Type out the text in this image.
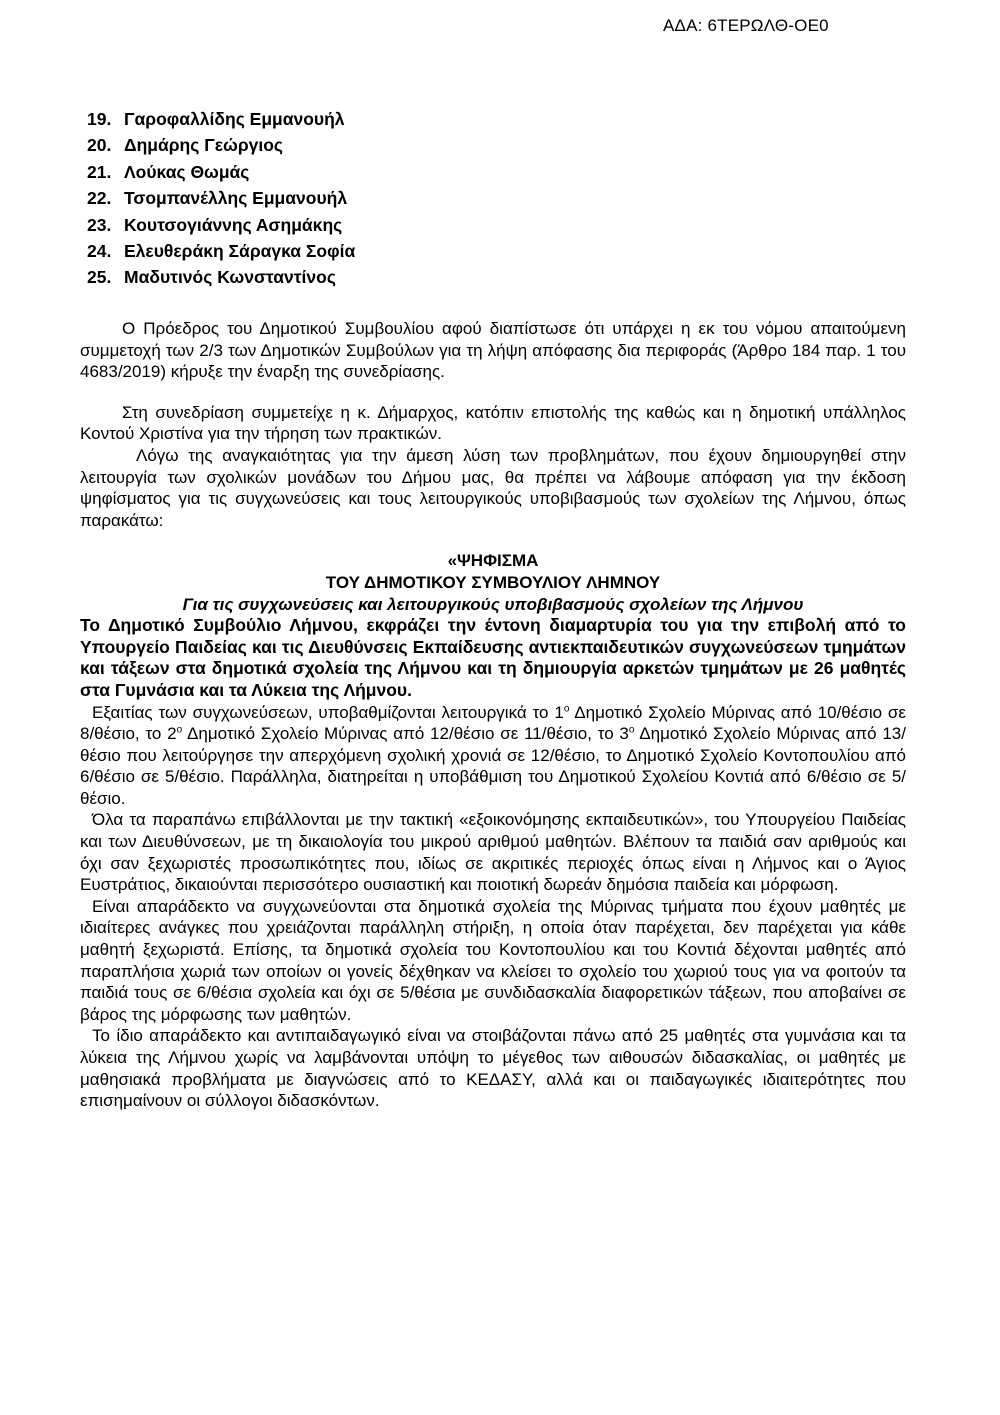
ΑΔΑ: 6ΤΕΡΩΛΘ-ΟΕ0
19. Γαροφαλλίδης Εμμανουήλ
20. Δημάρης Γεώργιος
21. Λούκας Θωμάς
22. Τσομπανέλλης Εμμανουήλ
23. Κουτσογιάννης Ασημάκης
24. Ελευθεράκη Σάραγκα Σοφία
25. Μαδυτινός Κωνσταντίνος

Ο Πρόεδρος του Δημοτικού Συμβουλίου αφού διαπίστωσε ότι υπάρχει η εκ του νόμου απαιτούμενη συμμετοχή των 2/3 των Δημοτικών Συμβούλων για τη λήψη απόφασης δια περιφοράς (Άρθρο 184 παρ. 1 του 4683/2019) κήρυξε την έναρξη της συνεδρίασης.

Στη συνεδρίαση συμμετείχε η κ. Δήμαρχος, κατόπιν επιστολής της καθώς και η δημοτική υπάλληλος Κοντού Χριστίνα για την τήρηση των πρακτικών.

Λόγω της αναγκαιότητας για την άμεση λύση των προβλημάτων, που έχουν δημιουργηθεί στην λειτουργία των σχολικών μονάδων του Δήμου μας, θα πρέπει να λάβουμε απόφαση για την έκδοση ψηφίσματος για τις συγχωνεύσεις και τους λειτουργικούς υποβιβασμούς των σχολείων της Λήμνου, όπως παρακάτω:

«ΨΗΦΙΣΜΑ

ΤΟΥ ΔΗΜΟΤΙΚΟΥ ΣΥΜΒΟΥΛΙΟΥ ΛΗΜΝΟΥ

Για τις συγχωνεύσεις και λειτουργικούς υποβιβασμούς σχολείων της Λήμνου

Το Δημοτικό Συμβούλιο Λήμνου, εκφράζει την έντονη διαμαρτυρία του για την επιβολή από το Υπουργείο Παιδείας και τις Διευθύνσεις Εκπαίδευσης αντιεκπαιδευτικών συγχωνεύσεων τμημάτων και τάξεων στα δημοτικά σχολεία της Λήμνου και τη δημιουργία αρκετών τμημάτων με 26 μαθητές στα Γυμνάσια και τα Λύκεια της Λήμνου.

Εξαιτίας των συγχωνεύσεων, υποβαθμίζονται λειτουργικά το $1^o$ Δημοτικό Σχολείο Μύρινας από 10/θέσιο σε 8/θέσιο, το $2^o$ Δημοτικό Σχολείο Μύρινας από 12/θέσιο σε 11/θέσιο, το $3^o$ Δημοτικό Σχολείο Μύρινας από 13/θέσιο που λειτούργησε την απερχόμενη σχολική χρονιά σε 12/θέσιο, το Δημοτικό Σχολείο Κοντοπουλίου από 6/θέσιο σε 5/θέσιο. Παράλληλα, διατηρείται η υποβάθμιση του Δημοτικού Σχολείου Κοντιά από 6/θέσιο σε 5/θέσιο.

Όλα τα παραπάνω επιβάλλονται με την τακτική «εξοικονόμησης εκπαιδευτικών», του Υπουργείου Παιδείας και των Διευθύνσεων, με τη δικαιολογία του μικρού αριθμού μαθητών. Βλέπουν τα παιδιά σαν αριθμούς και όχι σαν ξεχωριστές προσωπικότητες που, ιδίως σε ακριτικές περιοχές όπως είναι η Λήμνος και ο Άγιος Ευστράτιος, δικαιούνται περισσότερο ουσιαστική και ποιοτική δωρεάν δημόσια παιδεία και μόρφωση.

Είναι απαράδεκτο να συγχωνεύονται στα δημοτικά σχολεία της Μύρινας τμήματα που έχουν μαθητές με ιδιαίτερες ανάγκες που χρειάζονται παράλληλη στήριξη, η οποία όταν παρέχεται, δεν παρέχεται για κάθε μαθητή ξεχωριστά. Επίσης, τα δημοτικά σχολεία του Κοντοπουλίου και του Κοντιά δέχονται μαθητές από παραπλήσια χωριά των οποίων οι γονείς δέχθηκαν να κλείσει το σχολείο του χωριού τους για να φοιτούν τα παιδιά τους σε 6/θέσια σχολεία και όχι σε 5/θέσια με συνδιδασκαλία διαφορετικών τάξεων, που αποβαίνει σε βάρος της μόρφωσης των μαθητών.

Το ίδιο απαράδεκτο και αντιπαιδαγωγικό είναι να στοιβάζονται πάνω από 25 μαθητές στα γυμνάσια και τα λύκεια της Λήμνου χωρίς να λαμβάνονται υπόψη το μέγεθος των αιθουσών διδασκαλίας, οι μαθητές με μαθησιακά προβλήματα με διαγνώσεις από το ΚΕΔΑΣΥ, αλλά και οι παιδαγωγικές ιδιαιτερότητες που επισημαίνουν οι σύλλογοι διδασκόντων.
